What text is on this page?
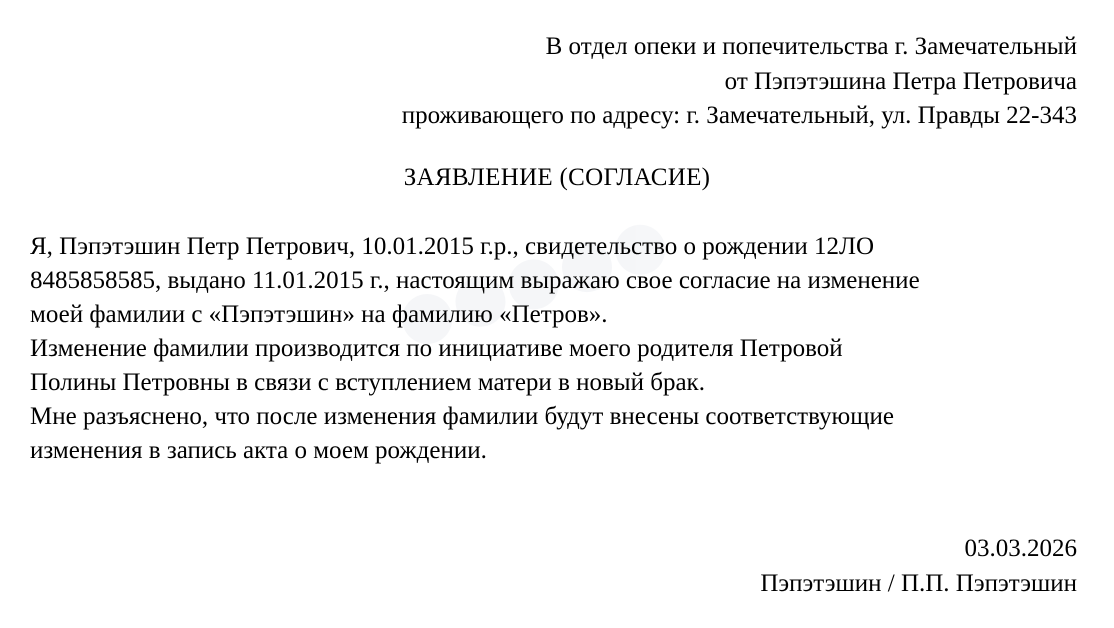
В отдел опеки и попечительства г. Замечательный
от Пэпэтэшина Петра Петровича
проживающего по адресу: г. Замечательный, ул. Правды 22-343
ЗАЯВЛЕНИЕ (СОГЛАСИЕ)

Я, Пэпэтэшин Петр Петрович, 10.01.2015 г.р., свидетельство о рождении 12ЛО
8485858585, выдано 11.01.2015 г., настоящим выражаю свое согласие на изменение
моей фамилии с «Пэпэтэшин» на фамилию «Петров».

Изменение фамилии производится по инициативе моего родителя Петровой
Полины Петровны в связи с вступлением матери в новый брак.

Мне разъяснено, что после изменения фамилии будут внесены соответствующие
изменения в запись акта о моем рождении.

03.03.2026
Пэпэтэшин / П.П. Пэпэтэшин
